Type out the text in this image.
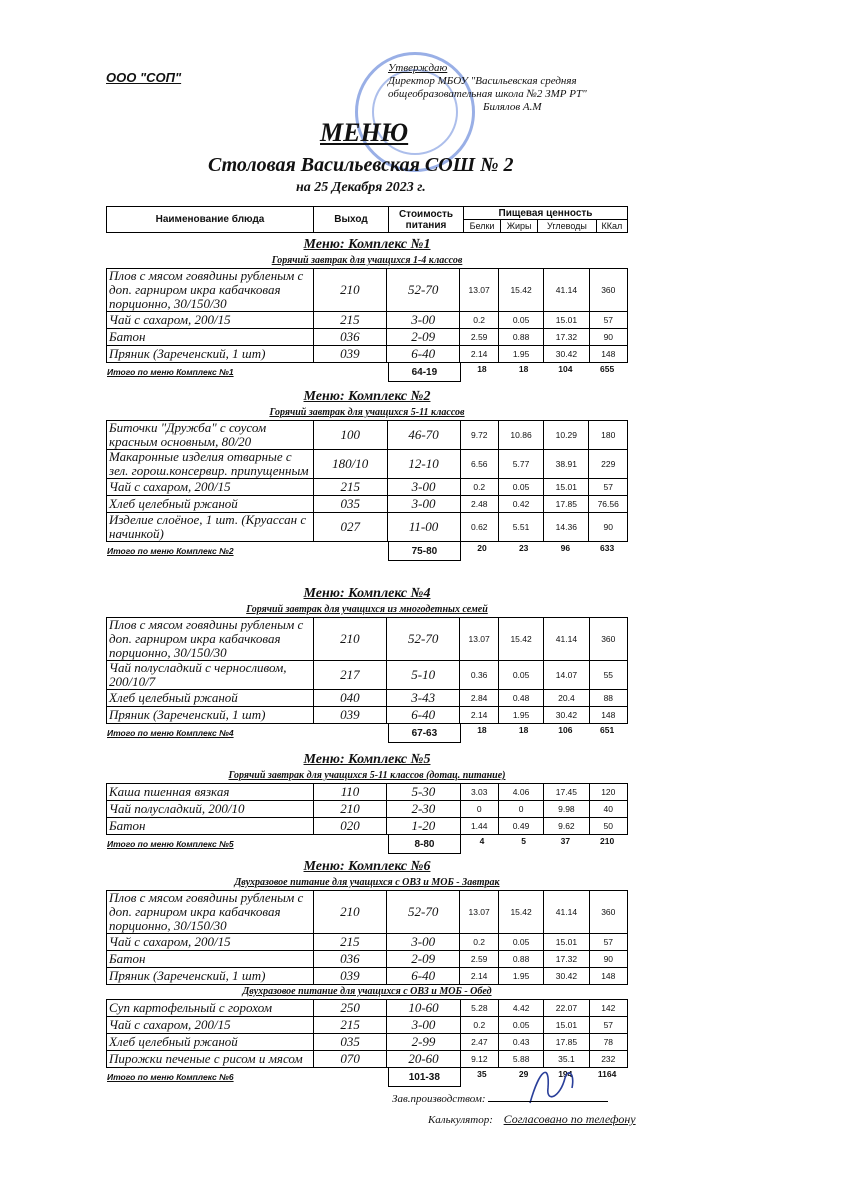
ООО "СОП"
Утверждаю
Директор МБОУ "Васильевская средняя
общеобразовательная школа №2 ЗМР РТ"
Билялов А.М
МЕНЮ
Столовая Васильевская СОШ № 2
на 25 Декабря 2023 г.
Наименование блюда	Выход	Стоимость питания	Пищевая ценность			
			Белки	Жиры	Углеводы	ККал
Меню: Комплекс №1
Горячий завтрак для учащихся 1-4 классов
Плов с мясом говядины рубленым с доп. гарниром икра кабачковая порционно, 30/150/30	210	52-70	13.07	15.42	41.14	360
Чай с сахаром, 200/15	215	3-00	0.2	0.05	15.01	57
Батон	036	2-09	2.59	0.88	17.32	90
Пряник (Зареченский, 1 шт)	039	6-40	2.14	1.95	30.42	148
Итого по меню Комплекс №1		64-19	18	18	104	655
Меню: Комплекс №2
Горячий завтрак для учащихся 5-11 классов
Биточки "Дружба" с соусом красным основным, 80/20	100	46-70	9.72	10.86	10.29	180
Макаронные изделия отварные с зел. горош.консервир. припущенным	180/10	12-10	6.56	5.77	38.91	229
Чай с сахаром, 200/15	215	3-00	0.2	0.05	15.01	57
Хлеб целебный ржаной	035	3-00	2.48	0.42	17.85	76.56
Изделие слоёное, 1 шт. (Круассан с начинкой)	027	11-00	0.62	5.51	14.36	90
Итого по меню Комплекс №2		75-80	20	23	96	633
Меню: Комплекс №4
Горячий завтрак для учащихся из многодетных семей
Плов с мясом говядины рубленым с доп. гарниром икра кабачковая порционно, 30/150/30	210	52-70	13.07	15.42	41.14	360
Чай полусладкий с черносливом, 200/10/7	217	5-10	0.36	0.05	14.07	55
Хлеб целебный ржаной	040	3-43	2.84	0.48	20.4	88
Пряник (Зареченский, 1 шт)	039	6-40	2.14	1.95	30.42	148
Итого по меню Комплекс №4		67-63	18	18	106	651
Меню: Комплекс №5
Горячий завтрак для учащихся 5-11 классов (дотац. питание)
Каша пшенная вязкая	110	5-30	3.03	4.06	17.45	120
Чай полусладкий, 200/10	210	2-30	0	0	9.98	40
Батон	020	1-20	1.44	0.49	9.62	50
Итого по меню Комплекс №5		8-80	4	5	37	210
Меню: Комплекс №6
Двухразовое питание для учащихся с ОВЗ и МОБ - Завтрак
Плов с мясом говядины рубленым с доп. гарниром икра кабачковая порционно, 30/150/30	210	52-70	13.07	15.42	41.14	360
Чай с сахаром, 200/15	215	3-00	0.2	0.05	15.01	57
Батон	036	2-09	2.59	0.88	17.32	90
Пряник (Зареченский, 1 шт)	039	6-40	2.14	1.95	30.42	148
Двухразовое питание для учащихся с ОВЗ и МОБ - Обед
Суп картофельный с горохом	250	10-60	5.28	4.42	22.07	142
Чай с сахаром, 200/15	215	3-00	0.2	0.05	15.01	57
Хлеб целебный ржаной	035	2-99	2.47	0.43	17.85	78
Пирожки печеные с рисом и мясом	070	20-60	9.12	5.88	35.1	232
Итого по меню Комплекс №6		101-38	35	29	194	1164
Зав.производством:
Калькулятор: Согласовано по телефону
